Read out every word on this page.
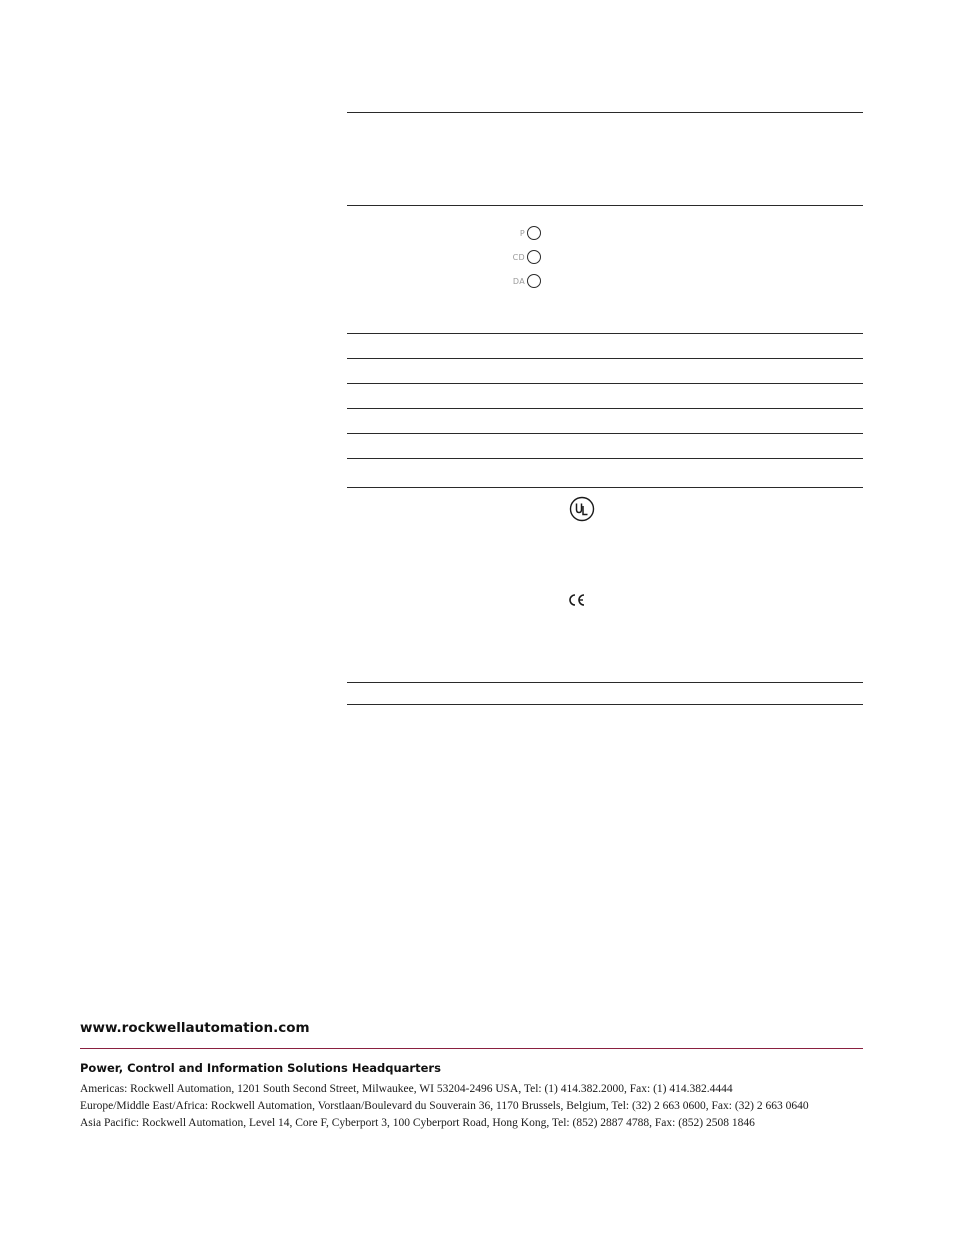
P
CD
DA
www.rockwellautomation.com
Power, Control and Information Solutions Headquarters
Americas: Rockwell Automation, 1201 South Second Street, Milwaukee, WI 53204-2496 USA, Tel: (1) 414.382.2000, Fax: (1) 414.382.4444
Europe/Middle East/Africa: Rockwell Automation, Vorstlaan/Boulevard du Souverain 36, 1170 Brussels, Belgium, Tel: (32) 2 663 0600, Fax: (32) 2 663 0640
Asia Pacific: Rockwell Automation, Level 14, Core F, Cyberport 3, 100 Cyberport Road, Hong Kong, Tel: (852) 2887 4788, Fax: (852) 2508 1846
